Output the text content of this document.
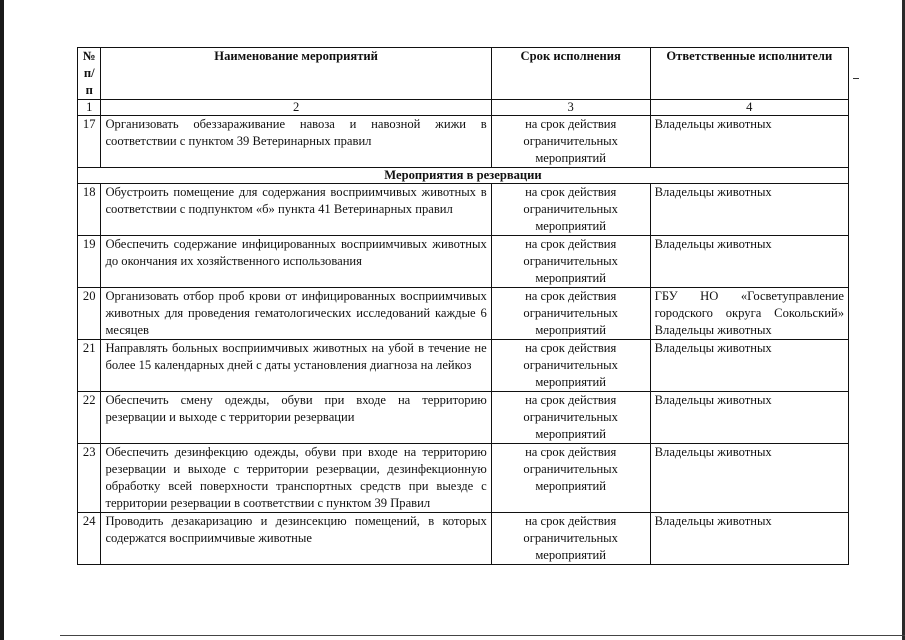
№ п/п	Наименование мероприятий	Срок исполнения	Ответственные исполнители
1	2	3	4
17	Организовать обеззараживание навоза и навозной жижи в соответствии с пунктом 39 Ветеринарных правил	на срок действия ограничительных мероприятий	Владельцы животных
Мероприятия в резервации			
18	Обустроить помещение для содержания восприимчивых животных в соответствии с подпунктом «б» пункта 41 Ветеринарных правил	на срок действия ограничительных мероприятий	Владельцы животных
19	Обеспечить содержание инфицированных восприимчивых животных до окончания их хозяйственного использования	на срок действия ограничительных мероприятий	Владельцы животных
20	Организовать отбор проб крови от инфицированных восприимчивых животных для проведения гематологических исследований каждые 6 месяцев	на срок действия ограничительных мероприятий	ГБУ НО «Госветуправление городского округа Сокольский» Владельцы животных
21	Направлять больных восприимчивых животных на убой в течение не более 15 календарных дней с даты установления диагноза на лейкоз	на срок действия ограничительных мероприятий	Владельцы животных
22	Обеспечить смену одежды, обуви при входе на территорию резервации и выходе с территории резервации	на срок действия ограничительных мероприятий	Владельцы животных
23	Обеспечить дезинфекцию одежды, обуви при входе на территорию резервации и выходе с территории резервации, дезинфекционную обработку всей поверхности транспортных средств при выезде с территории резервации в соответствии с пунктом 39 Правил	на срок действия ограничительных мероприятий	Владельцы животных
24	Проводить дезакаризацию и дезинсекцию помещений, в которых содержатся восприимчивые животные	на срок действия ограничительных мероприятий	Владельцы животных
